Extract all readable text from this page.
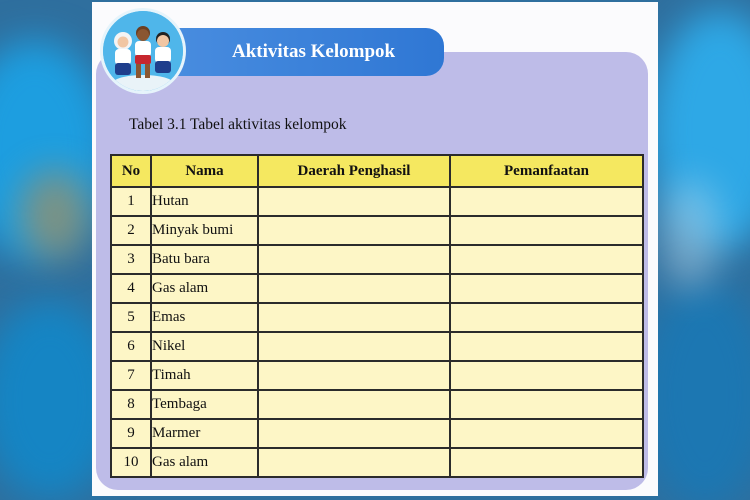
Aktivitas Kelompok
Tabel 3.1 Tabel aktivitas kelompok
No	Nama	Daerah Penghasil	Pemanfaatan
1	Hutan		
2	Minyak bumi		
3	Batu bara		
4	Gas alam		
5	Emas		
6	Nikel		
7	Timah		
8	Tembaga		
9	Marmer		
10	Gas alam		
